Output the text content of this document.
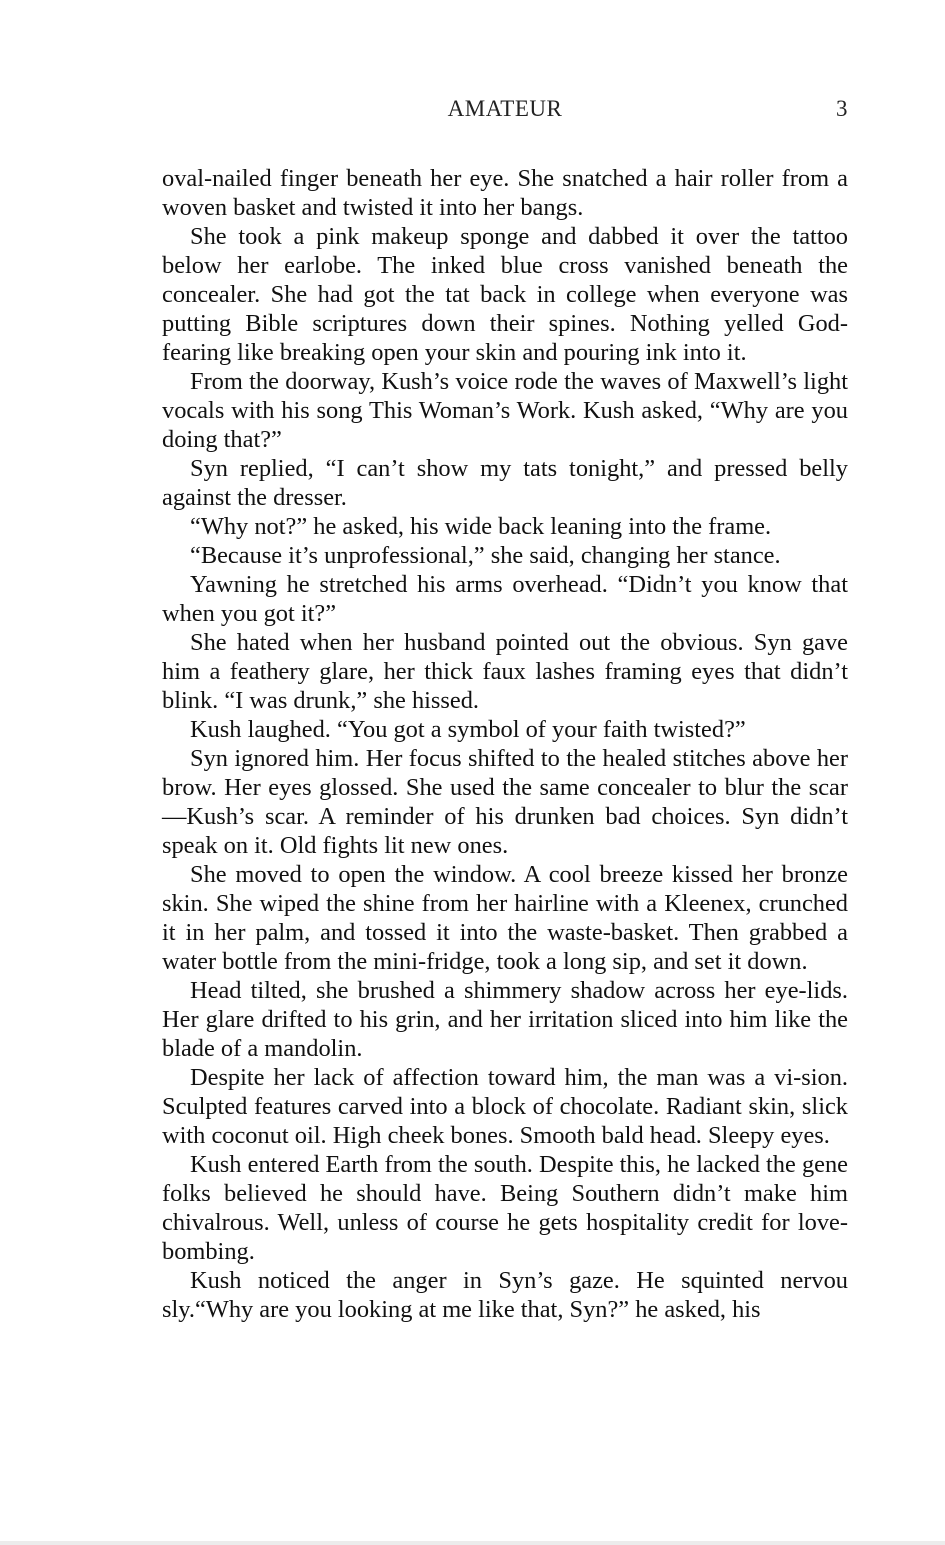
AMATEUR	3

oval-nailed finger beneath her eye. She snatched a hair roller from a woven basket and twisted it into her bangs.

She took a pink makeup sponge and dabbed it over the tattoo below her earlobe. The inked blue cross vanished beneath the concealer. She had got the tat back in college when everyone was putting Bible scriptures down their spines. Nothing yelled God-fearing like breaking open your skin and pouring ink into it.

From the doorway, Kush’s voice rode the waves of Maxwell’s light vocals with his song This Woman’s Work. Kush asked, “Why are you doing that?”

Syn replied, “I can’t show my tats tonight,” and pressed belly against the dresser.

“Why not?” he asked, his wide back leaning into the frame.

“Because it’s unprofessional,” she said, changing her stance.

Yawning he stretched his arms overhead. “Didn’t you know that when you got it?”

She hated when her husband pointed out the obvious. Syn gave him a feathery glare, her thick faux lashes framing eyes that didn’t blink. “I was drunk,” she hissed.

Kush laughed. “You got a symbol of your faith twisted?”

Syn ignored him. Her focus shifted to the healed stitches above her brow. Her eyes glossed. She used the same concealer to blur the scar—Kush’s scar. A reminder of his drunken bad choices. Syn didn’t speak on it. Old fights lit new ones.

She moved to open the window. A cool breeze kissed her bronze skin. She wiped the shine from her hairline with a Kleenex, crunched it in her palm, and tossed it into the waste-basket. Then grabbed a water bottle from the mini-fridge, took a long sip, and set it down.

Head tilted, she brushed a shimmery shadow across her eye-lids. Her glare drifted to his grin, and her irritation sliced into him like the blade of a mandolin.

Despite her lack of affection toward him, the man was a vi-sion. Sculpted features carved into a block of chocolate. Radiant skin, slick with coconut oil. High cheek bones. Smooth bald head. Sleepy eyes.

Kush entered Earth from the south. Despite this, he lacked the gene folks believed he should have. Being Southern didn’t make him chivalrous. Well, unless of course he gets hospitality credit for love-bombing.

Kush noticed the anger in Syn’s gaze. He squinted nervou sly.“Why are you looking at me like that, Syn?” he asked, his
